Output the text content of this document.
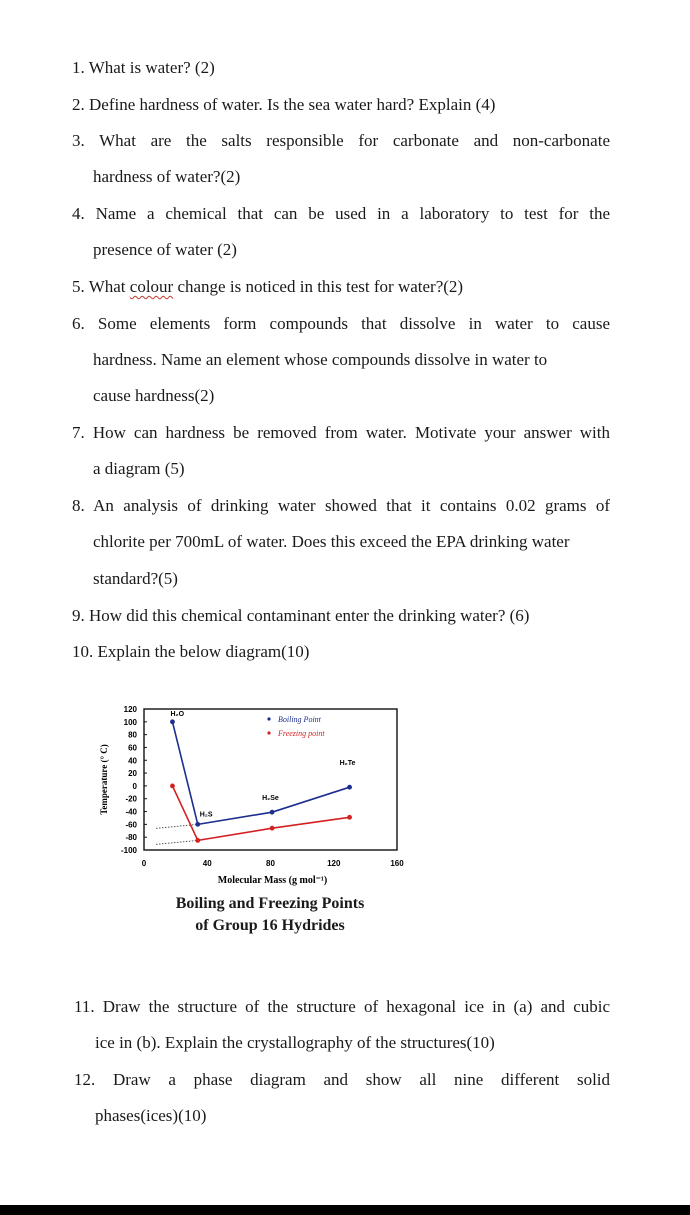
1. What is water? (2)
2. Define hardness of water. Is the sea water hard? Explain (4)
3. What are the salts responsible for carbonate and non-carbonate
hardness of water?(2)
4. Name a chemical that can be used in a laboratory to test for the
presence of water (2)
5. What colour change is noticed in this test for water?(2)
6. Some elements form compounds that dissolve in water to cause
hardness. Name an element whose compounds dissolve in water to
cause hardness(2)
7. How can hardness be removed from water. Motivate your answer with
a diagram (5)
8. An analysis of drinking water showed that it contains 0.02 grams of
chlorite per 700mL of water. Does this exceed the EPA drinking water
standard?(5)
9. How did this chemical contaminant enter the drinking water? (6)
10. Explain the below diagram(10)
11. Draw the structure of the structure of hexagonal ice in (a) and cubic
ice in (b). Explain the crystallography of the structures(10)
12. Draw a phase diagram and show all nine different solid
phases(ices)(10)
120
100
80
60
40
20
0
-20
-40
-60
-80
-100
0	40	80	120	160
Temperature (° C)
Molecular Mass (g mol⁻¹)
Boiling Point
Freezing point
H₂O
H₂S
H₂Se
H₂Te
Boiling and Freezing Points
of Group 16 Hydrides
